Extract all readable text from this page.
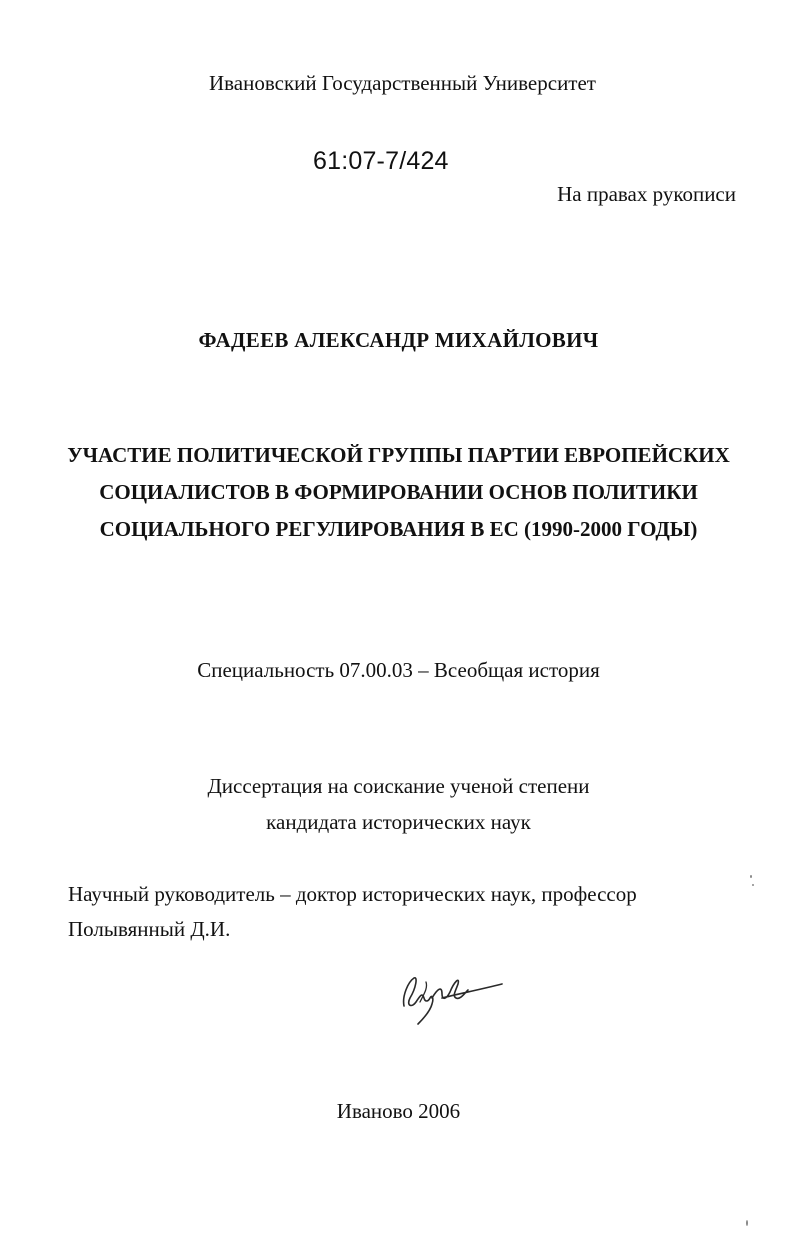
Ивановский Государственный Университет
61:07-7/424
На правах рукописи
ФАДЕЕВ АЛЕКСАНДР МИХАЙЛОВИЧ
УЧАСТИЕ ПОЛИТИЧЕСКОЙ ГРУППЫ ПАРТИИ ЕВРОПЕЙСКИХ
СОЦИАЛИСТОВ В ФОРМИРОВАНИИ ОСНОВ ПОЛИТИКИ
СОЦИАЛЬНОГО РЕГУЛИРОВАНИЯ В ЕС (1990-2000 ГОДЫ)
Специальность 07.00.03 – Всеобщая история
Диссертация на соискание ученой степени
кандидата исторических наук
Научный руководитель – доктор исторических наук, профессор Полывянный Д.И.
Иваново 2006
